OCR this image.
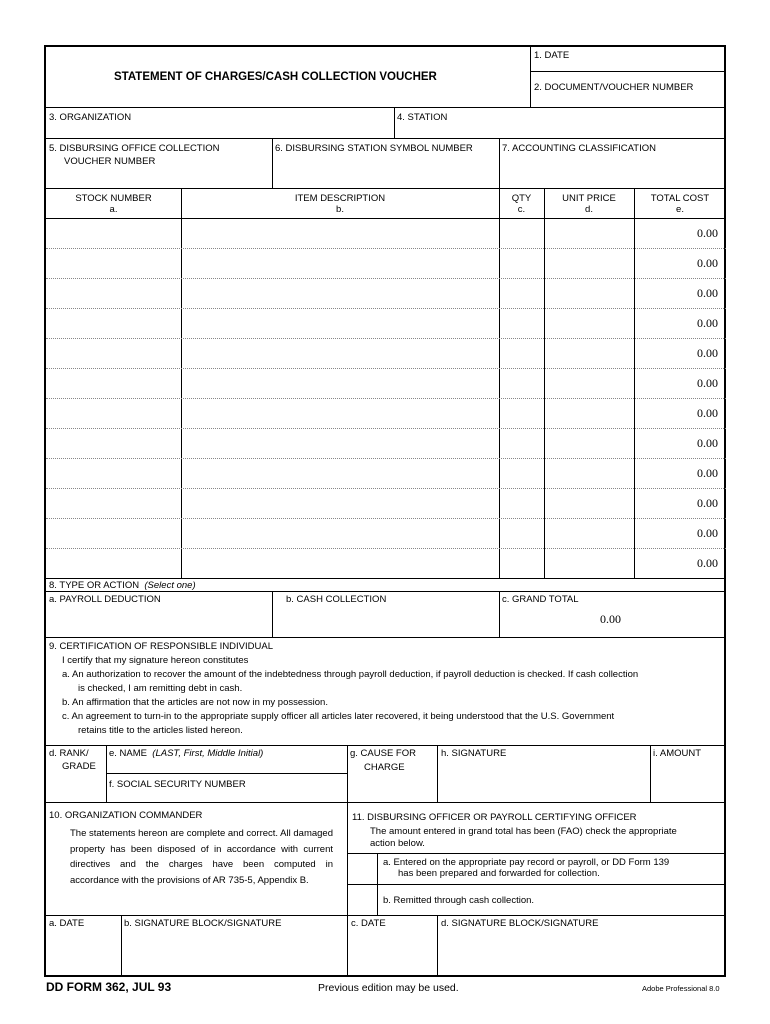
STATEMENT OF CHARGES/CASH COLLECTION VOUCHER
1. DATE
2. DOCUMENT/VOUCHER NUMBER
3. ORGANIZATION	4. STATION
5. DISBURSING OFFICE COLLECTION
VOUCHER NUMBER
6. DISBURSING STATION SYMBOL NUMBER	7. ACCOUNTING CLASSIFICATION
STOCK NUMBER
a.
ITEM DESCRIPTION
b.
QTY
c.
UNIT PRICE
d.
TOTAL COST
e.
0.00
0.00
0.00
0.00
0.00
0.00
0.00
0.00
0.00
0.00
0.00
0.00
8. TYPE OR ACTION (Select one)
a. PAYROLL DEDUCTION	b. CASH COLLECTION	c. GRAND TOTAL
0.00
9. CERTIFICATION OF RESPONSIBLE INDIVIDUAL
I certify that my signature hereon constitutes
a. An authorization to recover the amount of the indebtedness through payroll deduction, if payroll deduction is checked. If cash collection
is checked, I am remitting debt in cash.
b. An affirmation that the articles are not now in my possession.
c. An agreement to turn-in to the appropriate supply officer all articles later recovered, it being understood that the U.S. Government
retains title to the articles listed hereon.
d. RANK/
GRADE
e. NAME (LAST, First, Middle Initial)
f. SOCIAL SECURITY NUMBER
g. CAUSE FOR
CHARGE
h. SIGNATURE	i. AMOUNT
10. ORGANIZATION COMMANDER
The statements hereon are complete and correct. All damaged property has been disposed of in accordance with current directives and the charges have been computed in accordance with the provisions of AR 735-5, Appendix B.
11. DISBURSING OFFICER OR PAYROLL CERTIFYING OFFICER
The amount entered in grand total has been (FAO) check the appropriate
action below.
a. Entered on the appropriate pay record or payroll, or DD Form 139
has been prepared and forwarded for collection.
b. Remitted through cash collection.
a. DATE	b. SIGNATURE BLOCK/SIGNATURE	c. DATE	d. SIGNATURE BLOCK/SIGNATURE
DD FORM 362, JUL 93	Previous edition may be used.	Adobe Professional 8.0
